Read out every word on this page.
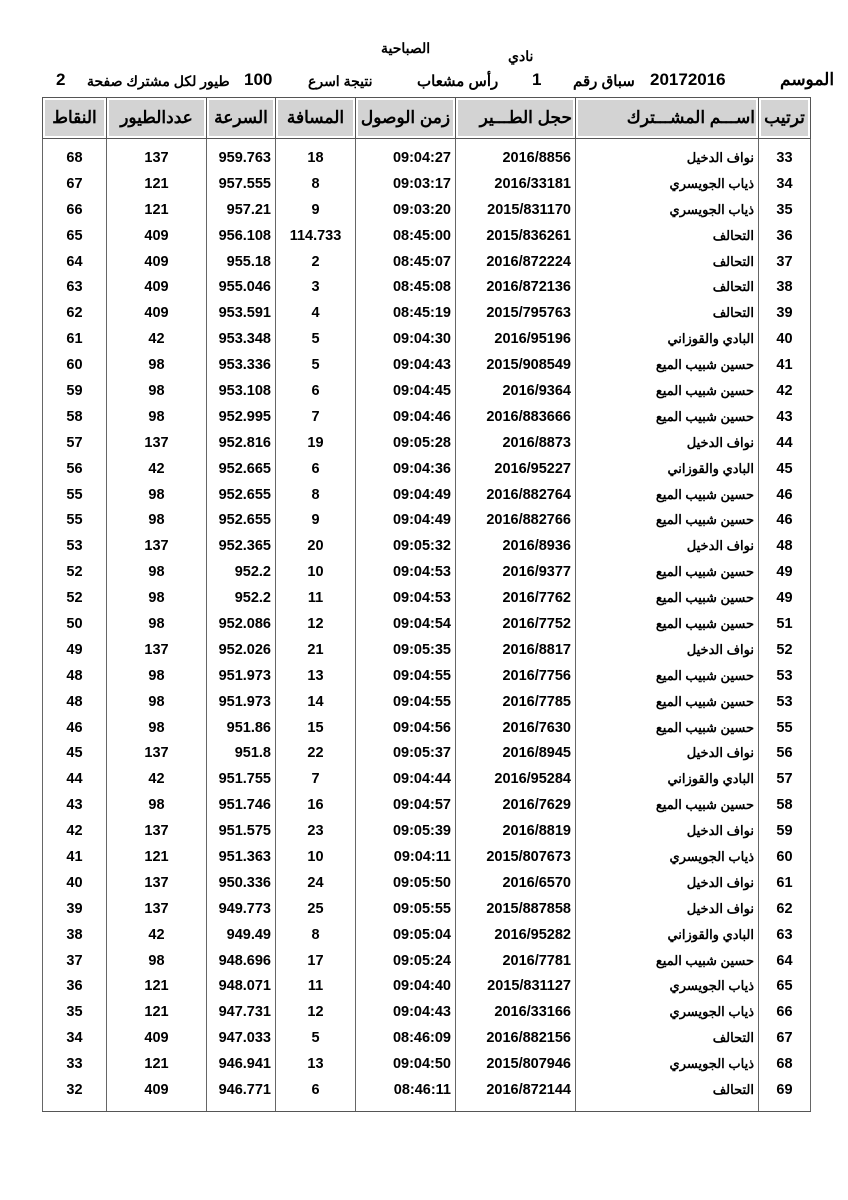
الصباحية	نادي
الموسم
20172016
سباق رقم
1
رأس مشعاب
نتيجة اسرع
100
طيور لكل مشترك صفحة
2
النقاط	عددالطيور	السرعة	المسافة	زمن الوصول	حجل الطـــير	اســـم المشـــترك	ترتيب
68	137	959.763	18	09:04:27	2016/8856	نواف الدخيل	33
67	121	957.555	8	09:03:17	2016/33181	ذياب الجويسري	34
66	121	957.21	9	09:03:20	2015/831170	ذياب الجويسري	35
65	409	956.108	114.733	08:45:00	2015/836261	التحالف	36
64	409	955.18	2	08:45:07	2016/872224	التحالف	37
63	409	955.046	3	08:45:08	2016/872136	التحالف	38
62	409	953.591	4	08:45:19	2015/795763	التحالف	39
61	42	953.348	5	09:04:30	2016/95196	البادي والقوزاني	40
60	98	953.336	5	09:04:43	2015/908549	حسين شبيب الميع	41
59	98	953.108	6	09:04:45	2016/9364	حسين شبيب الميع	42
58	98	952.995	7	09:04:46	2016/883666	حسين شبيب الميع	43
57	137	952.816	19	09:05:28	2016/8873	نواف الدخيل	44
56	42	952.665	6	09:04:36	2016/95227	البادي والقوزاني	45
55	98	952.655	8	09:04:49	2016/882764	حسين شبيب الميع	46
55	98	952.655	9	09:04:49	2016/882766	حسين شبيب الميع	46
53	137	952.365	20	09:05:32	2016/8936	نواف الدخيل	48
52	98	952.2	10	09:04:53	2016/9377	حسين شبيب الميع	49
52	98	952.2	11	09:04:53	2016/7762	حسين شبيب الميع	49
50	98	952.086	12	09:04:54	2016/7752	حسين شبيب الميع	51
49	137	952.026	21	09:05:35	2016/8817	نواف الدخيل	52
48	98	951.973	13	09:04:55	2016/7756	حسين شبيب الميع	53
48	98	951.973	14	09:04:55	2016/7785	حسين شبيب الميع	53
46	98	951.86	15	09:04:56	2016/7630	حسين شبيب الميع	55
45	137	951.8	22	09:05:37	2016/8945	نواف الدخيل	56
44	42	951.755	7	09:04:44	2016/95284	البادي والقوزاني	57
43	98	951.746	16	09:04:57	2016/7629	حسين شبيب الميع	58
42	137	951.575	23	09:05:39	2016/8819	نواف الدخيل	59
41	121	951.363	10	09:04:11	2015/807673	ذياب الجويسري	60
40	137	950.336	24	09:05:50	2016/6570	نواف الدخيل	61
39	137	949.773	25	09:05:55	2015/887858	نواف الدخيل	62
38	42	949.49	8	09:05:04	2016/95282	البادي والقوزاني	63
37	98	948.696	17	09:05:24	2016/7781	حسين شبيب الميع	64
36	121	948.071	11	09:04:40	2015/831127	ذياب الجويسري	65
35	121	947.731	12	09:04:43	2016/33166	ذياب الجويسري	66
34	409	947.033	5	08:46:09	2016/882156	التحالف	67
33	121	946.941	13	09:04:50	2015/807946	ذياب الجويسري	68
32	409	946.771	6	08:46:11	2016/872144	التحالف	69
